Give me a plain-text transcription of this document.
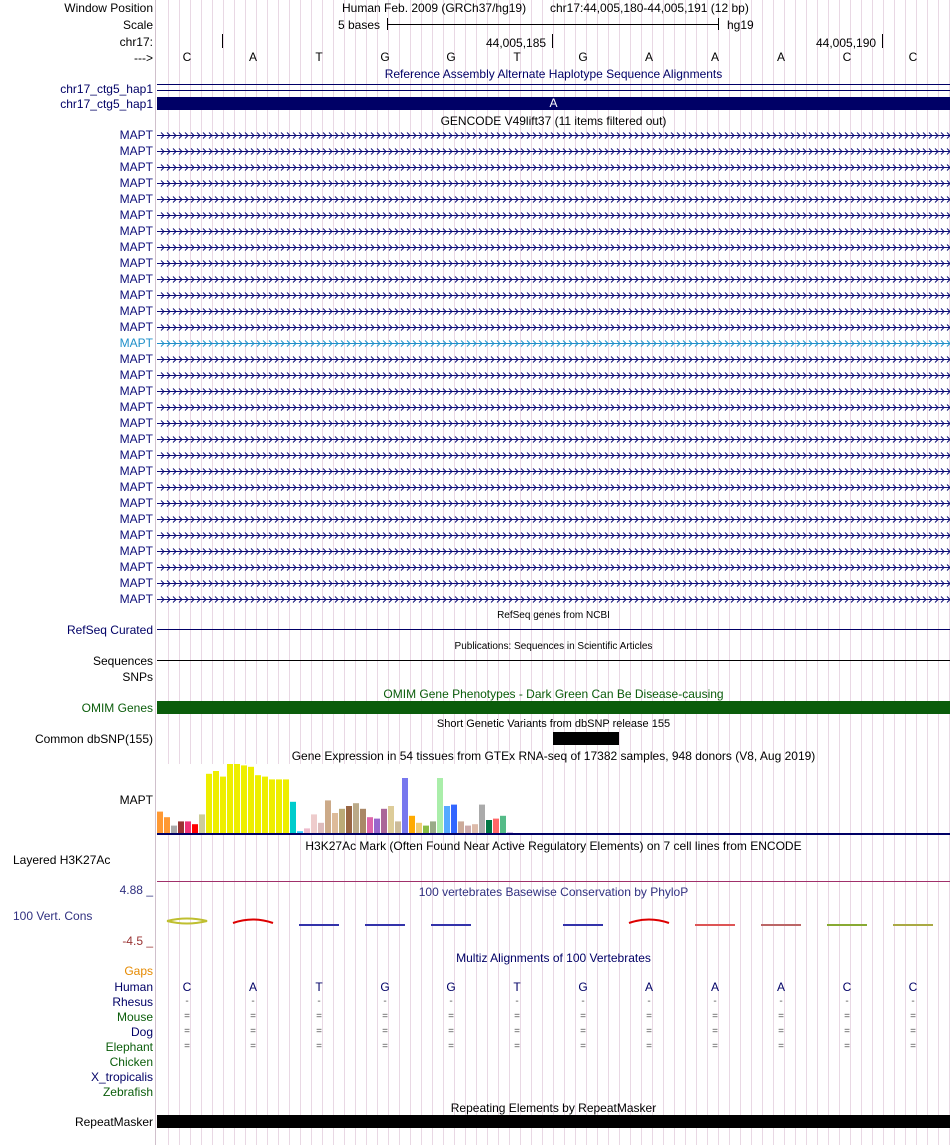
Window Position
Scale
chr17:
--->
Human Feb. 2009 (GRCh37/hg19) chr17:44,005,180-44,005,191 (12 bp)
5 bases	hg19
44,005,185	44,005,190
C	A	T	G	G	T	G	A	A	A	C	C
Reference Assembly Alternate Haplotype Sequence Alignments
chr17_ctg5_hap1
chr17_ctg5_hap1	A
GENCODE V49lift37 (11 items filtered out)
MAPT
MAPT
MAPT
MAPT
MAPT
MAPT
MAPT
MAPT
MAPT
MAPT
MAPT
MAPT
MAPT
MAPT
MAPT
MAPT
MAPT
MAPT
MAPT
MAPT
MAPT
MAPT
MAPT
MAPT
MAPT
MAPT
MAPT
MAPT
MAPT
MAPT
RefSeq genes from NCBI
RefSeq Curated
Publications: Sequences in Scientific Articles
Sequences
SNPs
OMIM Gene Phenotypes - Dark Green Can Be Disease-causing
OMIM Genes
Short Genetic Variants from dbSNP release 155
Common dbSNP(155)
Gene Expression in 54 tissues from GTEx RNA-seq of 17382 samples, 948 donors (V8, Aug 2019)
MAPT
H3K27Ac Mark (Often Found Near Active Regulatory Elements) on 7 cell lines from ENCODE
Layered H3K27Ac
100 vertebrates Basewise Conservation by PhyloP
4.88 _
100 Vert. Cons
-4.5 _
Multiz Alignments of 100 Vertebrates
Gaps
Human	C	A	T	G	G	T	G	A	A	A	C	C
Rhesus	-	-	-	-	-	-	-	-	-	-	-	-
Mouse	=	=	=	=	=	=	=	=	=	=	=	=
Dog	=	=	=	=	=	=	=	=	=	=	=	=
Elephant	=	=	=	=	=	=	=	=	=	=	=	=
Chicken
X_tropicalis
Zebrafish
Repeating Elements by RepeatMasker
RepeatMasker
